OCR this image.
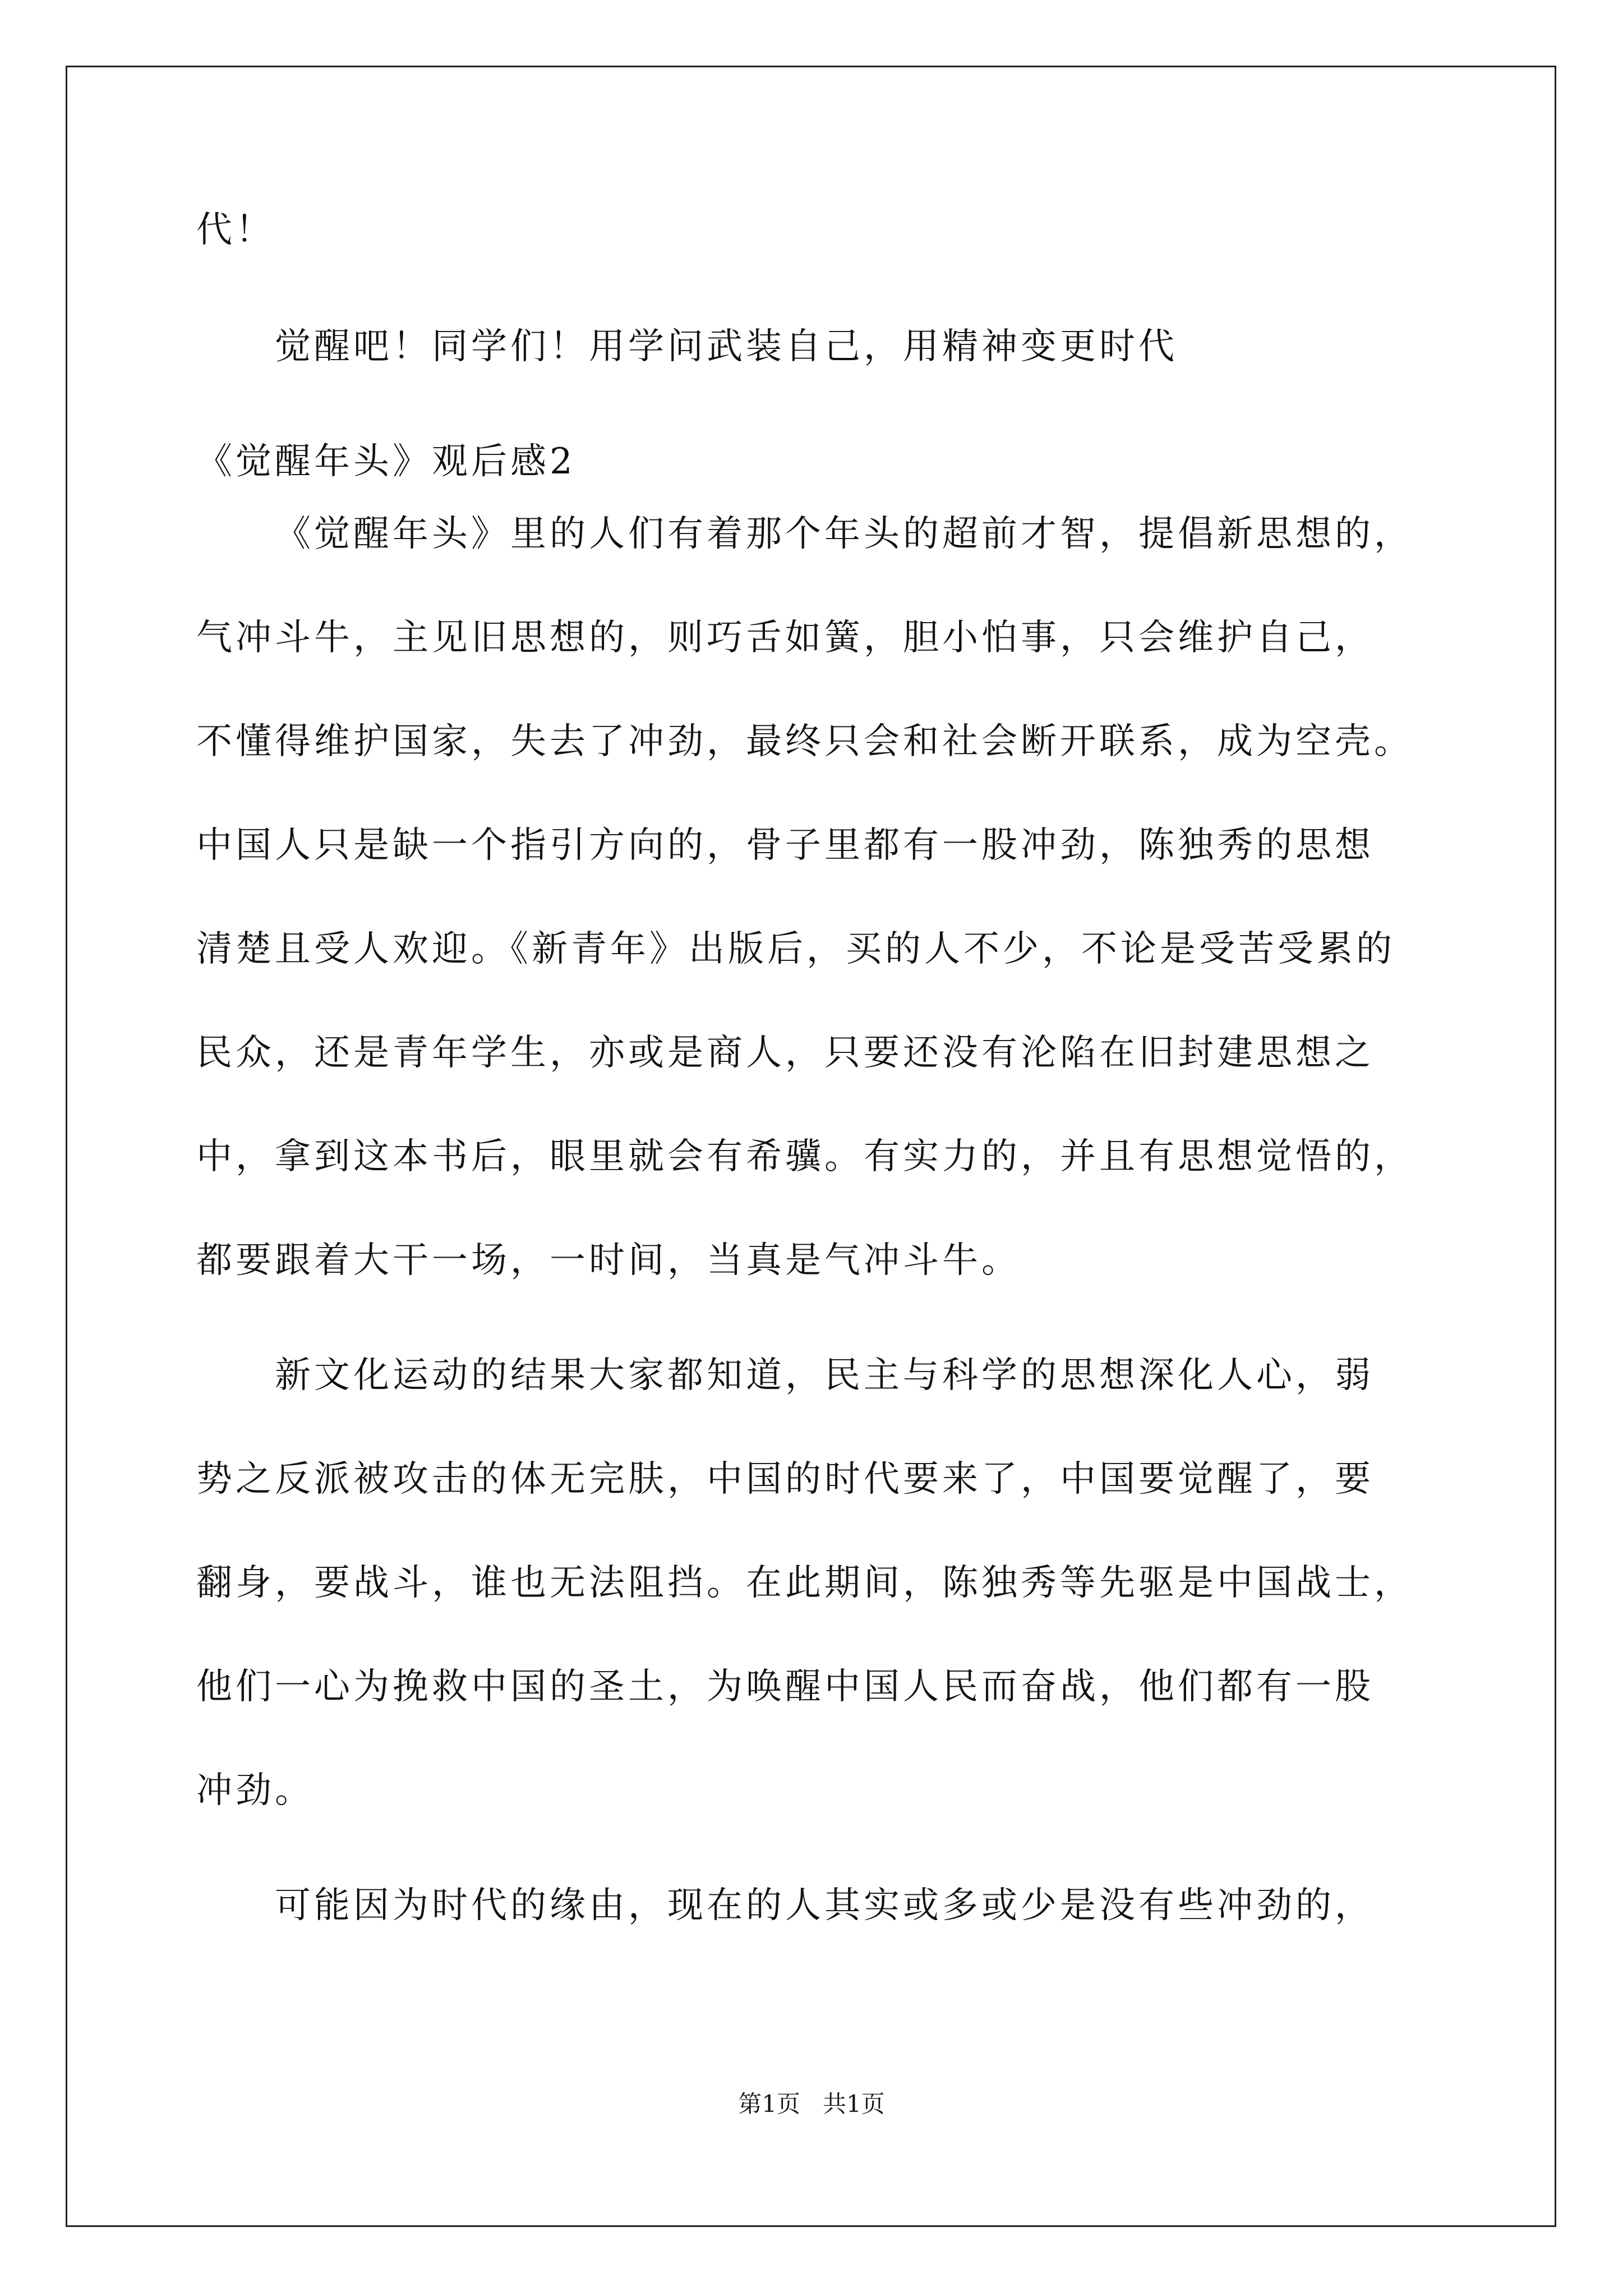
代！
觉醒吧！同学们！用学问武装自己，用精神变更时代
《觉醒年头》观后感2
《觉醒年头》里的人们有着那个年头的超前才智，提倡新思想的，
气冲斗牛，主见旧思想的，则巧舌如簧，胆小怕事，只会维护自己，
不懂得维护国家，失去了冲劲，最终只会和社会断开联系，成为空壳。
中国人只是缺一个指引方向的，骨子里都有一股冲劲，陈独秀的思想
清楚且受人欢迎。《新青年》出版后，买的人不少，不论是受苦受累的
民众，还是青年学生，亦或是商人，只要还没有沦陷在旧封建思想之
中，拿到这本书后，眼里就会有希骥。有实力的，并且有思想觉悟的，
都要跟着大干一场，一时间，当真是气冲斗牛。
新文化运动的结果大家都知道，民主与科学的思想深化人心，弱
势之反派被攻击的体无完肤，中国的时代要来了，中国要觉醒了，要
翻身，要战斗，谁也无法阻挡。在此期间，陈独秀等先驱是中国战士，
他们一心为挽救中国的圣土，为唤醒中国人民而奋战，他们都有一股
冲劲。
可能因为时代的缘由，现在的人其实或多或少是没有些冲劲的，
第1页   共1页
